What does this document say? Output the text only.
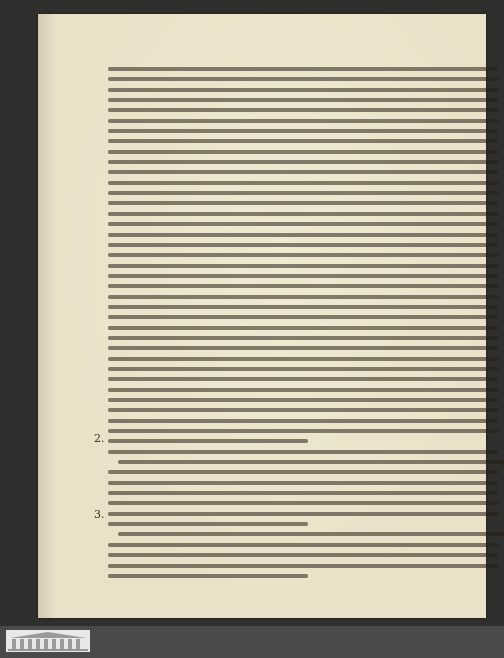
2.
3.
